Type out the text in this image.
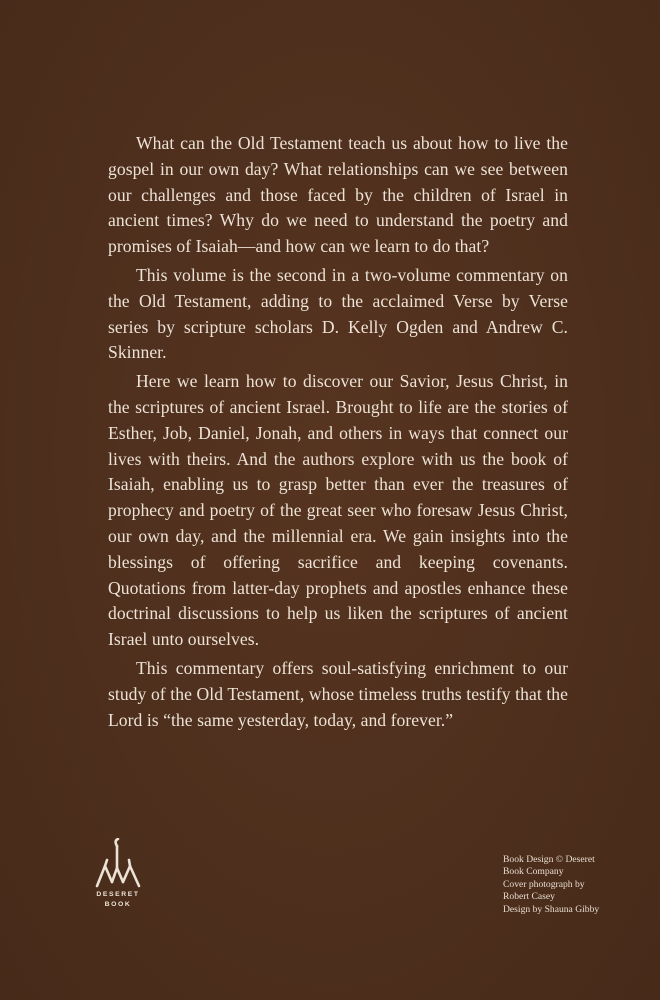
What can the Old Testament teach us about how to live the gospel in our own day? What relationships can we see between our challenges and those faced by the children of Israel in ancient times? Why do we need to understand the poetry and promises of Isaiah—and how can we learn to do that?

This volume is the second in a two-volume commentary on the Old Testament, adding to the acclaimed Verse by Verse series by scripture scholars D. Kelly Ogden and Andrew C. Skinner.

Here we learn how to discover our Savior, Jesus Christ, in the scriptures of ancient Israel. Brought to life are the stories of Esther, Job, Daniel, Jonah, and others in ways that connect our lives with theirs. And the authors explore with us the book of Isaiah, enabling us to grasp better than ever the treasures of prophecy and poetry of the great seer who foresaw Jesus Christ, our own day, and the millennial era. We gain insights into the blessings of offering sacrifice and keeping covenants. Quotations from latter-day prophets and apostles enhance these doctrinal discussions to help us liken the scriptures of ancient Israel unto ourselves.

This commentary offers soul-satisfying enrichment to our study of the Old Testament, whose timeless truths testify that the Lord is “the same yesterday, today, and forever.”

DESERET
BOOK
Book Design © Deseret
Book Company
Cover photograph by
Robert Casey
Design by Shauna Gibby
